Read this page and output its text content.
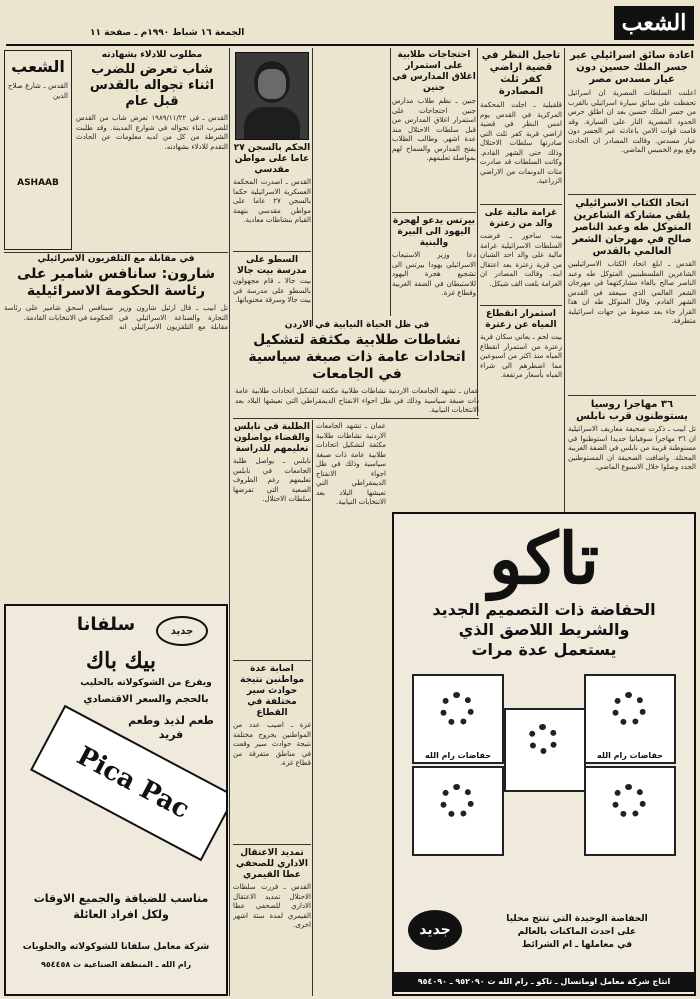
الشعب
الجمعة ١٦ شباط ١٩٩٠م ـ صفحة ١١
اعادة سائق اسرائيلي عبر جسر الملك حسين دون عيار مسدس مصر
اعلنت السلطات المصرية ان اسرائيل تحفظت على سائق سيارة اسرائيلي بالقرب من جسر الملك حسين بعد ان اطلق حرس الحدود المصرية النار على السيارة. وقد قامت قوات الامن باعادته عبر الجسر دون عيار مسدس. وقالت المصادر ان الحادث وقع يوم الخميس الماضي.
اتحاد الكتاب الاسرائيلي يلقي مشاركة الشاعرين المتوكل طه وعبد الناصر صالح في مهرجان الشعر العالمي بالقدس
القدس ـ ابلغ اتحاد الكتاب الاسرائيليين الشاعرين الفلسطينيين المتوكل طه وعبد الناصر صالح بالغاء مشاركتهما في مهرجان الشعر العالمي الذي سيعقد في القدس الشهر القادم. وقال المتوكل طه ان هذا القرار جاء بعد ضغوط من جهات اسرائيلية متطرفة.
٣٦ مهاجرا روسيا يستوطنون قرب نابلس
تل ابيب ـ ذكرت صحيفة معاريف الاسرائيلية ان ٣٦ مهاجرا سوفياتيا جديدا استوطنوا في مستوطنة قريبة من نابلس في الضفة الغربية المحتلة. واضافت الصحيفة ان المستوطنين الجدد وصلوا خلال الاسبوع الماضي.
تأجيل النظر في قضية اراضي كفر ثلث المصادرة
قلقيلية ـ اجلت المحكمة المركزية في القدس يوم امس النظر في قضية اراضي قرية كفر ثلث التي صادرتها سلطات الاحتلال وذلك حتى الشهر القادم. وكانت السلطات قد صادرت مئات الدونمات من الاراضي الزراعية.
غرامة مالية على والد من زعترة
بيت ساحور ـ فرضت السلطات الاسرائيلية غرامة مالية على والد احد الشبان من قرية زعترة بعد اعتقال ابنه. وقالت المصادر ان الغرامة بلغت الف شيكل.
استمرار انقطاع المياه عن زعترة
بيت لحم ـ يعاني سكان قرية زعترة من استمرار انقطاع المياه منذ اكثر من اسبوعين مما اضطرهم الى شراء المياه بأسعار مرتفعة.
احتجاجات طلابية على استمرار اغلاق المدارس في جنين
جنين ـ نظم طلاب مدارس جنين احتجاجات على استمرار اغلاق المدارس من قبل سلطات الاحتلال منذ عدة اشهر. وطالب الطلاب بفتح المدارس والسماح لهم بمواصلة تعليمهم.
بيرتس يدعو لهجرة اليهود الى البيرة والبنية
دعا وزير الاستيعاب الاسرائيلي يهودا بيرتس الى تشجيع هجرة اليهود للاستيطان في الضفة الغربية وقطاع غزة.
في ظل الحياة النيابية في الاردن
نشاطات طلابية مكثفة لتشكيل اتحادات عامة ذات صبغة سياسية في الجامعات
عمان ـ تشهد الجامعات الاردنية نشاطات طلابية مكثفة لتشكيل اتحادات طلابية عامة ذات صبغة سياسية وذلك في ظل اجواء الانفتاح الديمقراطي التي تعيشها البلاد بعد الانتخابات النيابية.
الحكم بالسجن ٢٧ عاما على مواطن مقدسي
القدس ـ اصدرت المحكمة العسكرية الاسرائيلية حكما بالسجن ٢٧ عاما على مواطن مقدسي بتهمة القيام بنشاطات معادية.
السطو على مدرسة بيت جالا
بيت جالا ـ قام مجهولون بالسطو على مدرسة في بيت جالا وسرقة محتوياتها.
الطلبة في نابلس والقضاء يواصلون تعليمهم للدراسة
نابلس ـ يواصل طلبة الجامعات في نابلس تعليمهم رغم الظروف الصعبة التي تفرضها سلطات الاحتلال.
اصابة عدة مواطنين نتيجة حوادث سير مختلفة في القطاع
غزة ـ اصيب عدد من المواطنين بجروح مختلفة نتيجة حوادث سير وقعت في مناطق متفرقة من قطاع غزة.
تمديد الاعتقال الاداري للصحفي عطا القيمري
القدس ـ قررت سلطات الاحتلال تمديد الاعتقال الاداري للصحفي عطا القيمري لمدة ستة اشهر اخرى.
عمان ـ تشهد الجامعات الاردنية نشاطات طلابية مكثفة لتشكيل اتحادات طلابية عامة ذات صبغة سياسية وذلك في ظل اجواء الانفتاح الديمقراطي التي تعيشها البلاد بعد الانتخابات النيابية.
تاكو
الحفاضة ذات التصميم الجديد
والشريط اللاصق الذي
يستعمل عدة مرات
حفاضات رام الله	حفاضات رام الله
جديد
الحفاضة الوحيدة التي تنتج محليا
على احدث الماكنات بالعالم
في معاملها ـ ام الشرائط
انتاج شركة معامل اومانسال ـ تاكو ـ رام الله ت ٩٥٢٠٩٠ ـ ٩٥٤٠٩٠
الشعب
القدس ـ شارع صلاح الدين
ASHAAB
مطلوب للادلاء بشهادته
شاب تعرض للضرب اثناء تجواله بالقدس قبل عام
القدس ـ في ١٩٨٩/١١/٢٢ تعرض شاب من القدس للضرب اثناء تجواله في شوارع المدينة. وقد طلبت الشرطة من كل من لديه معلومات عن الحادث التقدم للادلاء بشهادته.
في مقابلة مع التلفزيون الاسرائيلي
شارون: سانافس شامير على رئاسة الحكومة الاسرائيلية
تل ابيب ـ قال ارئيل شارون وزير التجارة والصناعة الاسرائيلي في مقابلة مع التلفزيون الاسرائيلي انه سينافس اسحق شامير على رئاسة الحكومة في الانتخابات القادمة.
سلفانا	جديد
بيك باك
ويفرع من الشوكولاته بالحليب
بالحجم والسعر الاقتصادي
طعم لذيذ وطعم فريد
Pica Pac
مناسب للضيافة والجميع الاوقات
ولكل افراد العائلة
شركة معامل سلفانا للشوكولاته والحلويات
رام الله ـ المنطقة الصناعية ت ٩٥٤٤٥٨
